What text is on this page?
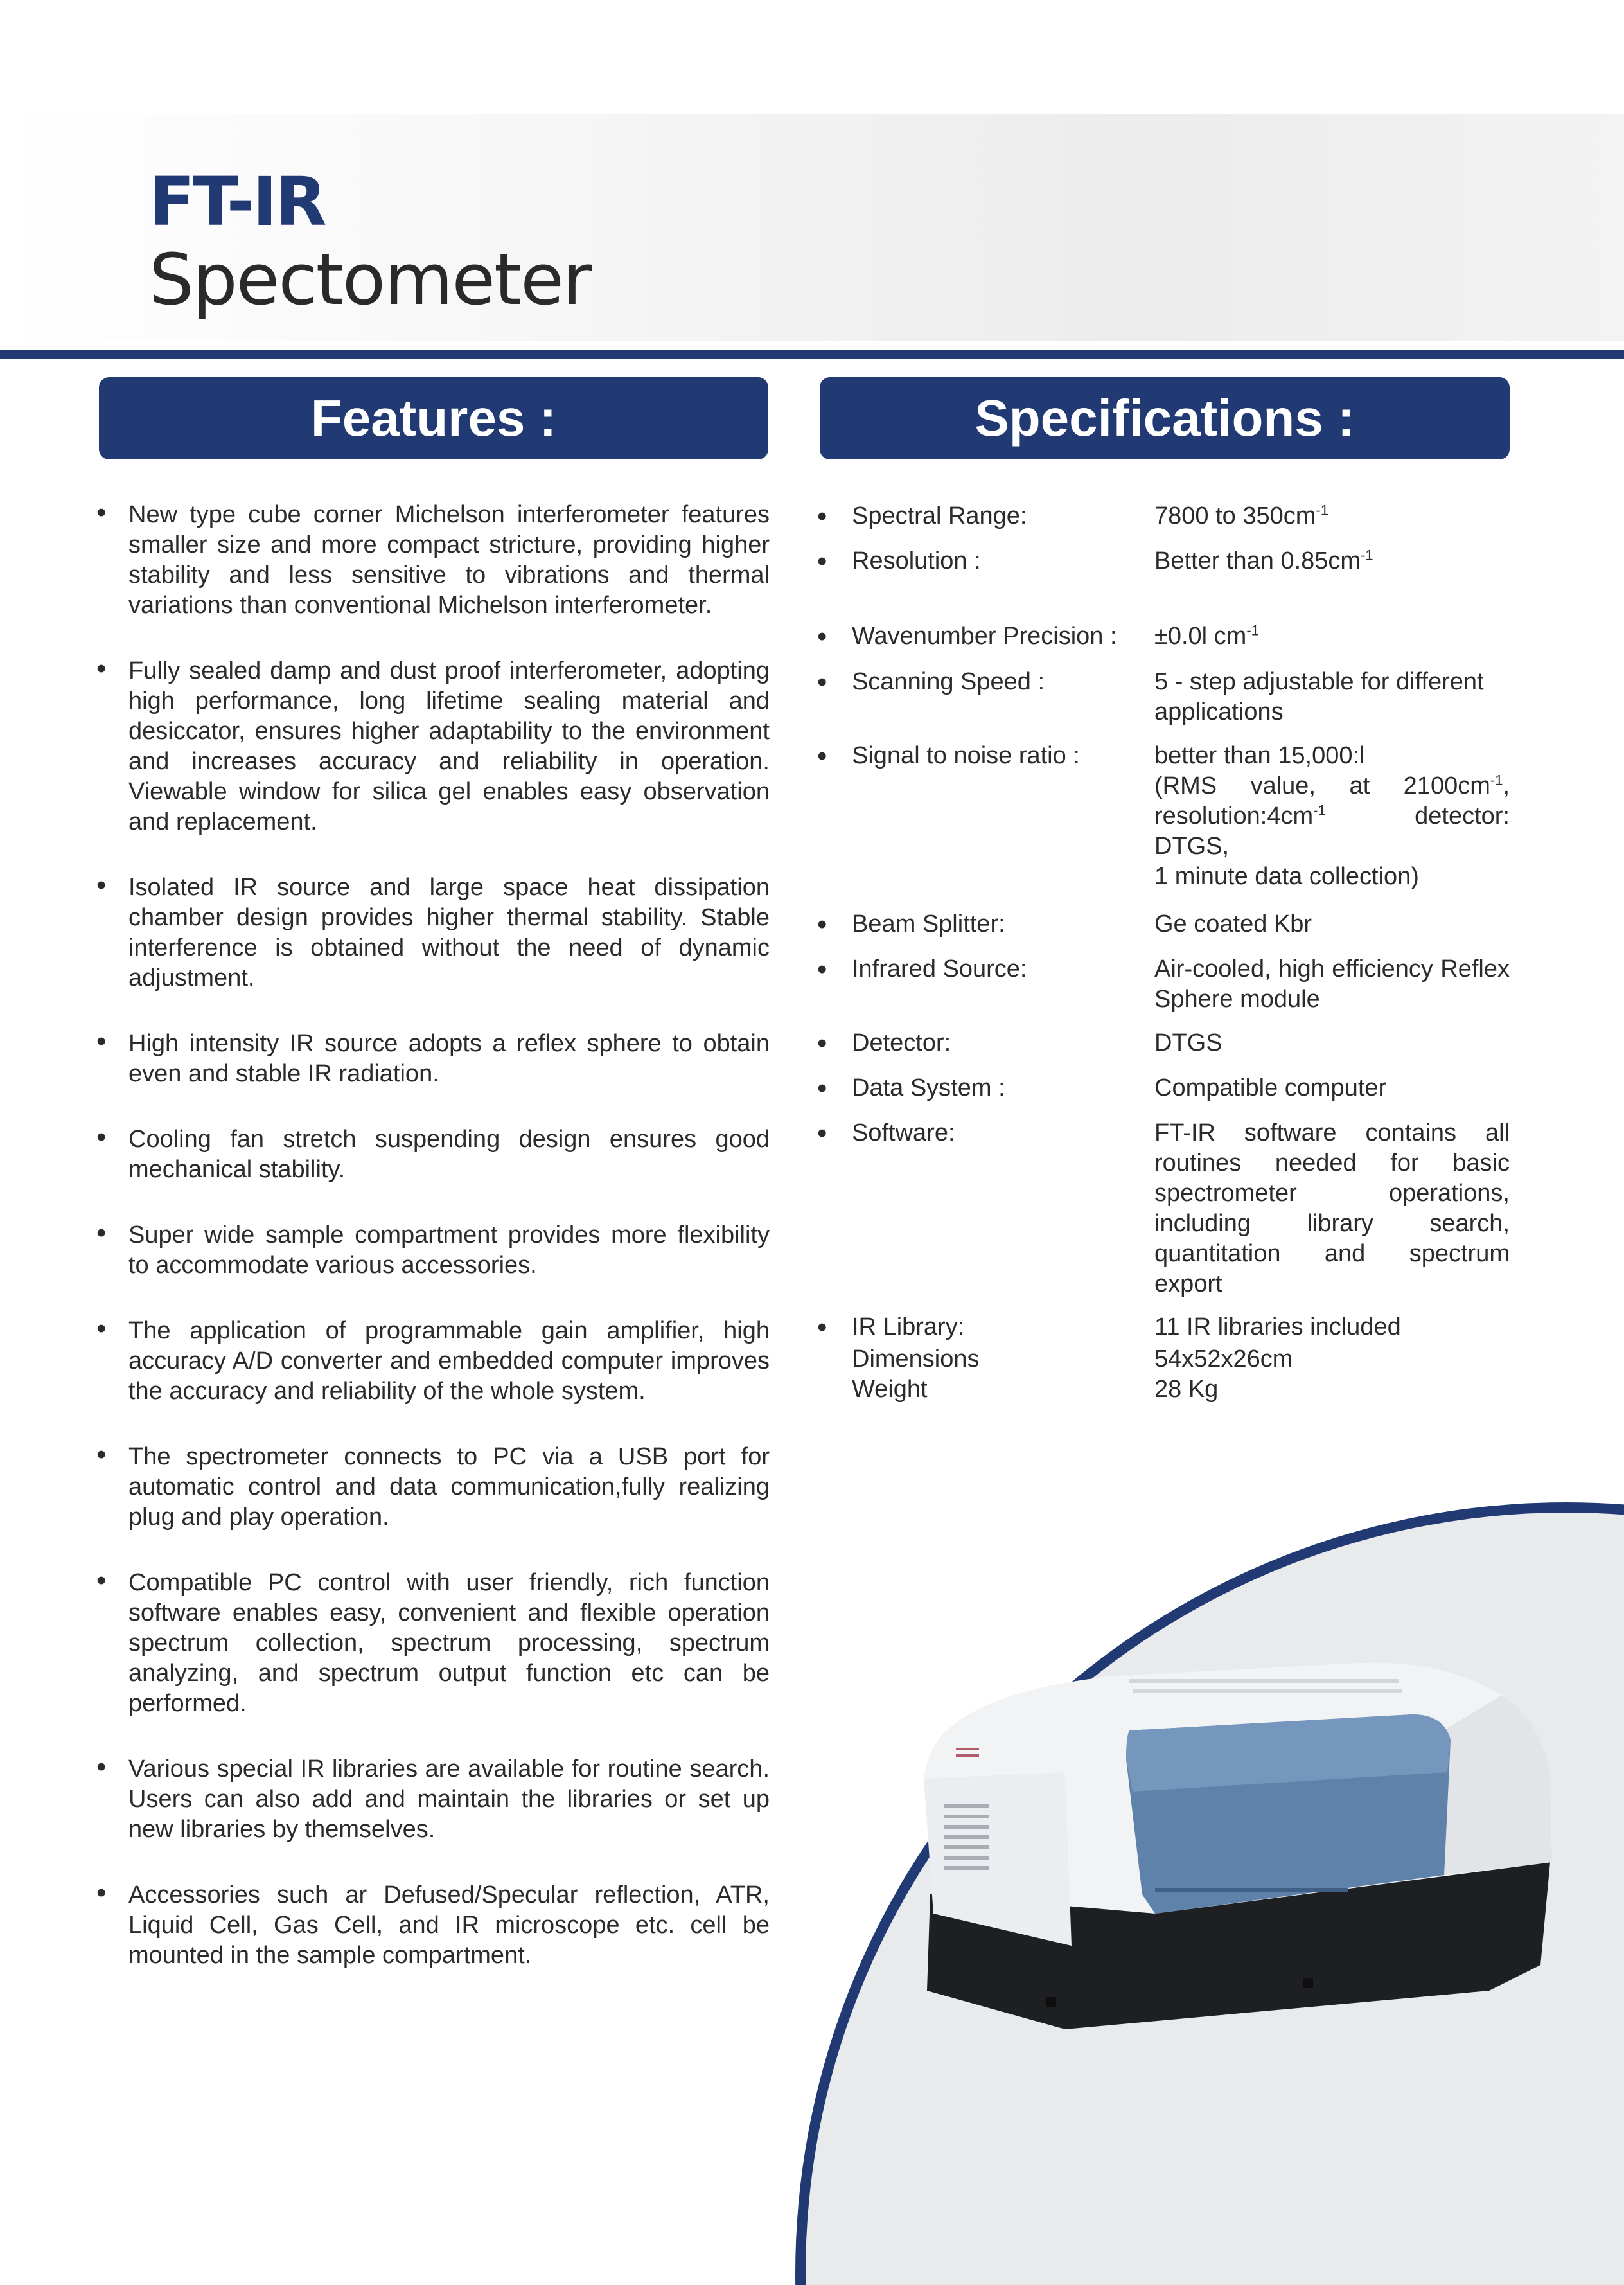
FT-IR
Spectometer
Features :
• New type cube corner Michelson interferometer features smaller size and more compact stricture, providing higher stability and less sensitive to vibrations and thermal variations than conventional Michelson interferometer.
• Fully sealed damp and dust proof interferometer, adopting high performance, long lifetime sealing material and desiccator, ensures higher adaptability to the environment and increases accuracy and reliability in operation. Viewable window for silica gel enables easy observation and replacement.
• Isolated IR source and large space heat dissipation chamber design provides higher thermal stability. Stable interference is obtained without the need of dynamic adjustment.
• High intensity IR source adopts a reflex sphere to obtain even and stable IR radiation.
• Cooling fan stretch suspending design ensures good mechanical stability.
• Super wide sample compartment provides more flexibility to accommodate various accessories.
• The application of programmable gain amplifier, high accuracy A/D converter and embedded computer improves the accuracy and reliability of the whole system.
• The spectrometer connects to PC via a USB port for automatic control and data communication,fully realizing plug and play operation.
• Compatible PC control with user friendly, rich function software enables easy, convenient and flexible operation spectrum collection, spectrum processing, spectrum analyzing, and spectrum output function etc can be performed.
• Various special IR libraries are available for routine search. Users can also add and maintain the libraries or set up new libraries by themselves.
• Accessories such ar Defused/Specular reflection, ATR, Liquid Cell, Gas Cell, and IR microscope etc. cell be mounted in the sample compartment.
Specifications :
• Spectral Range:	7800 to $350cm^{-1}$
• Resolution :	Better than $0.85cm^{-1}$
• Wavenumber Precision : ±0.0l $cm^{-1}$
• Scanning Speed :	5 - step adjustable for different applications
• Signal to noise ratio :	better than 15,000:l
(RMS value, at $2100cm^{-1}$,
$resolution:4cm^{-1}$	detector:
DTGS,
1 minute data collection)
• Beam Splitter:	Ge coated Kbr
• Infrared Source:	Air-cooled, high efficiency Reflex Sphere module
• Detector:	DTGS
• Data System :	Compatible computer
• Software:	FT-IR software contains all routines needed for basic spectrometer operations, including library search, quantitation and spectrum export
• IR Library:	11 IR libraries included
Dimensions	54x52x26cm
Weight	28 Kg
